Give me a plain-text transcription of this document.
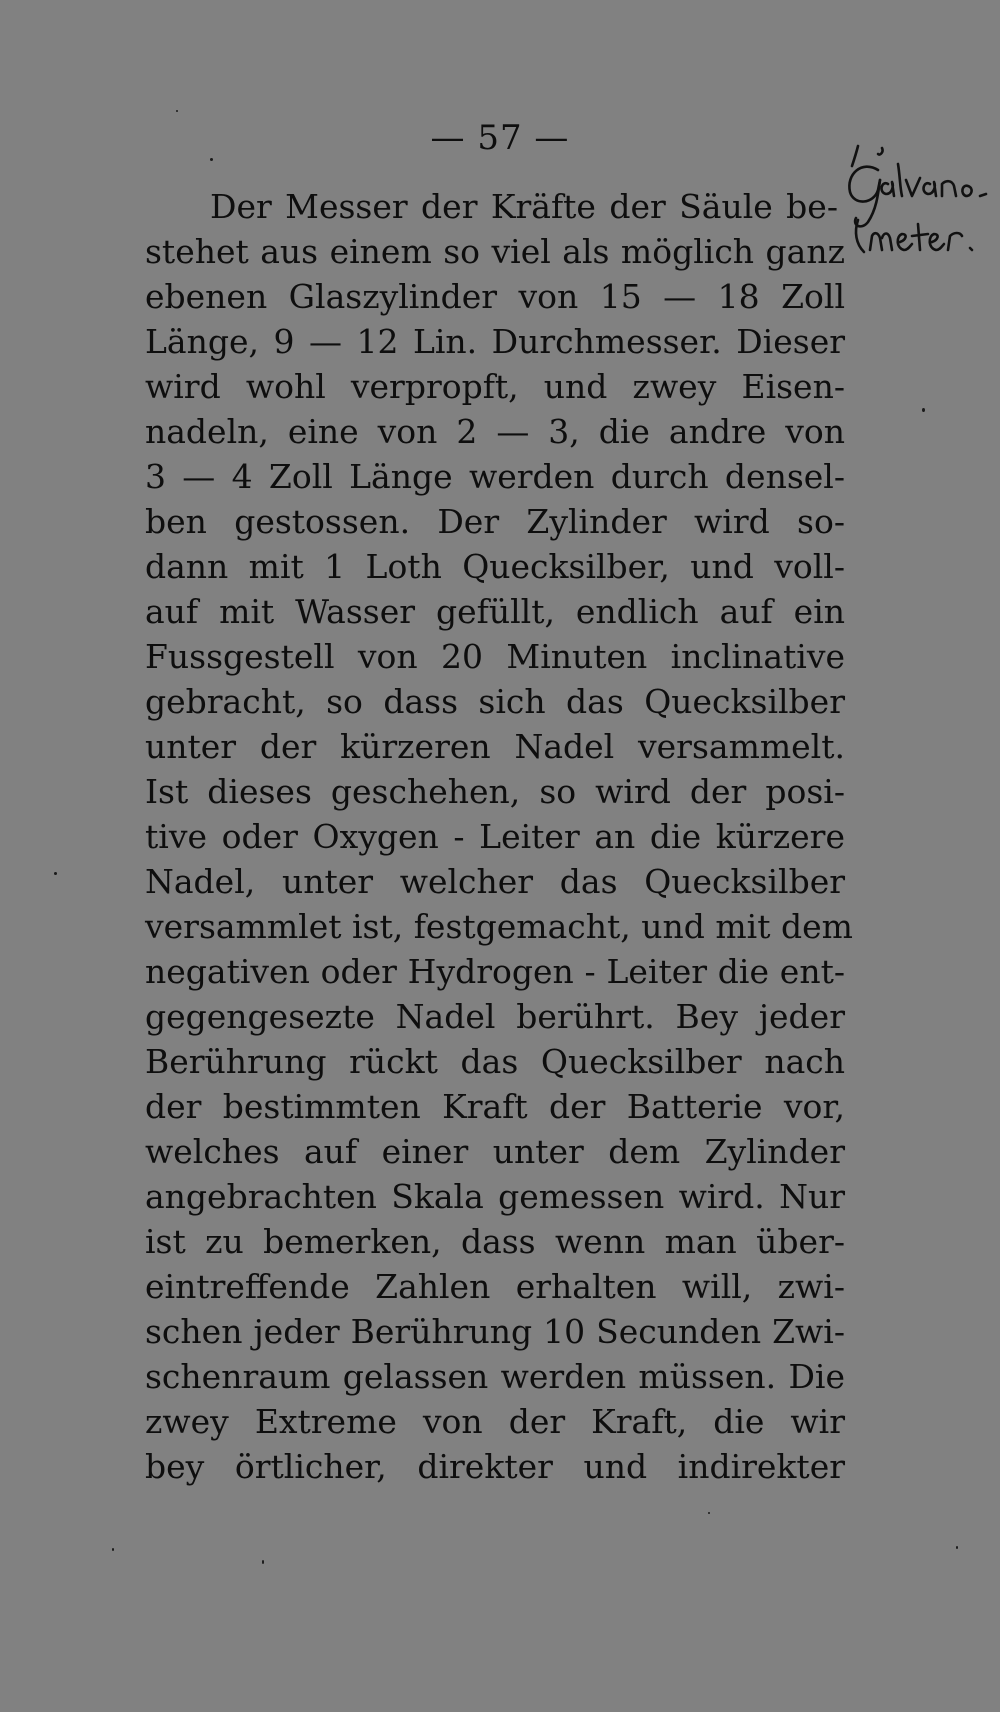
— 57 —
Der Messer der Kräfte der Säule be-
stehet aus einem so viel als möglich ganz
ebenen Glaszylinder von 15 — 18 Zoll
Länge, 9 — 12 Lin. Durchmesser. Dieser
wird wohl verpropft, und zwey Eisen-
nadeln, eine von 2 — 3, die andre von
3 — 4 Zoll Länge werden durch densel-
ben gestossen. Der Zylinder wird so-
dann mit 1 Loth Quecksilber, und voll-
auf mit Wasser gefüllt, endlich auf ein
Fussgestell von 20 Minuten inclinative
gebracht, so dass sich das Quecksilber
unter der kürzeren Nadel versammelt.
Ist dieses geschehen, so wird der posi-
tive oder Oxygen - Leiter an die kürzere
Nadel, unter welcher das Quecksilber
versammlet ist, festgemacht, und mit dem
negativen oder Hydrogen - Leiter die ent-
gegengesezte Nadel berührt. Bey jeder
Berührung rückt das Quecksilber nach
der bestimmten Kraft der Batterie vor,
welches auf einer unter dem Zylinder
angebrachten Skala gemessen wird. Nur
ist zu bemerken, dass wenn man über-
eintreffende Zahlen erhalten will, zwi-
schen jeder Berührung 10 Secunden Zwi-
schenraum gelassen werden müssen. Die
zwey Extreme von der Kraft, die wir
bey örtlicher, direkter und indirekter
